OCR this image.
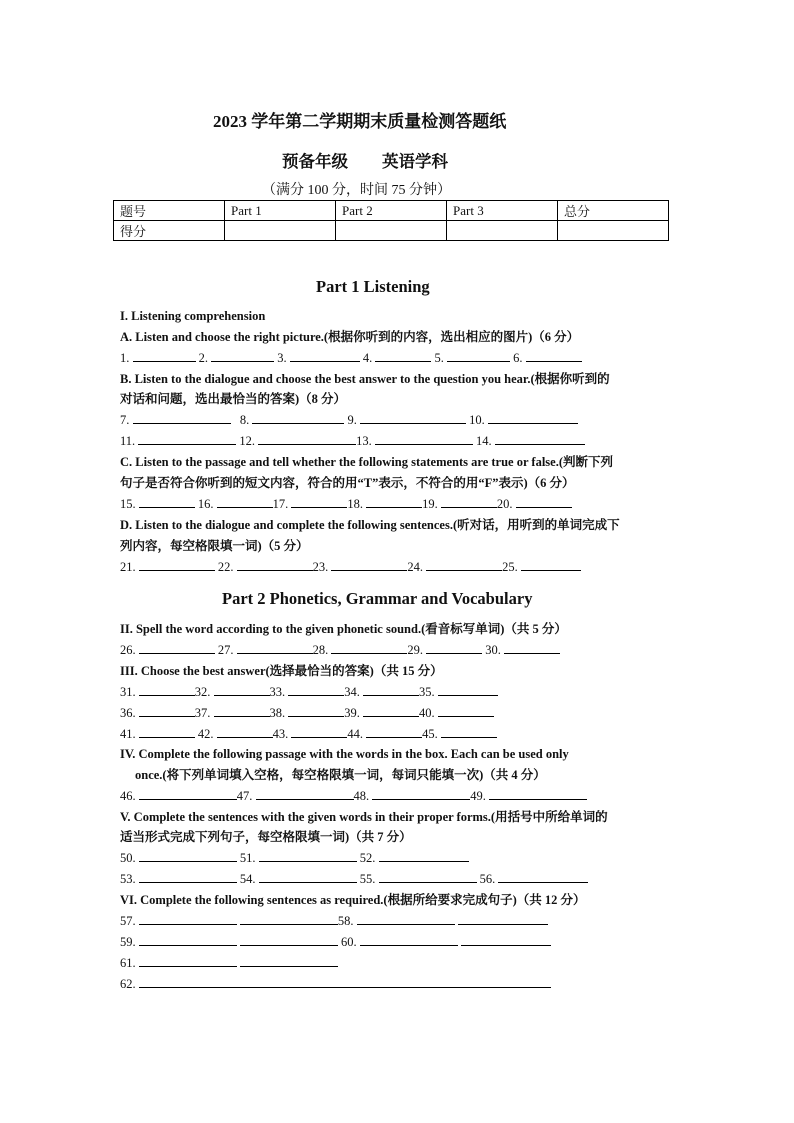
2023 学年第二学期期末质量检测答题纸
预备年级 英语学科
（满分 100 分，时间 75 分钟）
题号	Part 1	Part 2	Part 3	总分
得分				
Part 1 Listening
I. Listening comprehension
A. Listen and choose the right picture.(根据你听到的内容，选出相应的图片)（6 分）
1.	2.	3.	4.	5.	6.
B. Listen to the dialogue and choose the best answer to the question you hear.(根据你听到的
对话和问题，选出最恰当的答案)（8 分）
7.	8.	9.	10.
11.	12.	13.	14.
C. Listen to the passage and tell whether the following statements are true or false.(判断下列
句子是否符合你听到的短文内容，符合的用“T”表示，不符合的用“F”表示)（6 分）
15.	16.	17.	18.	19.	20.
D. Listen to the dialogue and complete the following sentences.(听对话，用听到的单词完成下
列内容，每空格限填一词)（5 分）
21.	22.	23.	24.	25.
Part 2 Phonetics, Grammar and Vocabulary
II. Spell the word according to the given phonetic sound.(看音标写单词)（共 5 分）
26.	27.	28.	29.	30.
III. Choose the best answer(选择最恰当的答案)（共 15 分）
31.	32.	33.	34.	35.
36.	37.	38.	39.	40.
41.	42.	43.	44.	45.
IV. Complete the following passage with the words in the box. Each can be used only
once.(将下列单词填入空格，每空格限填一词，每词只能填一次)（共 4 分）
46.	47.	48.	49.
V. Complete the sentences with the given words in their proper forms.(用括号中所给单词的
适当形式完成下列句子，每空格限填一词)（共 7 分）
50.	51.	52.
53.	54.	55.	56.
VI. Complete the following sentences as required.(根据所给要求完成句子)（共 12 分）
57.	58.
59.	60.
61.
62.
